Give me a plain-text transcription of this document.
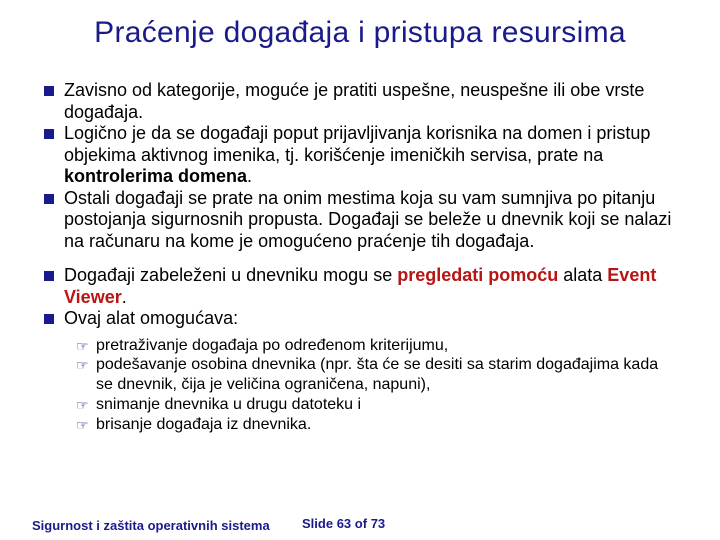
Praćenje događaja i pristupa resursima

Zavisno od kategorije, moguće je pratiti uspešne, neuspešne ili obe vrste događaja.

Logično je da se događaji poput prijavljivanja korisnika na domen i pristup objekima aktivnog imenika, tj. korišćenje imeničkih servisa, prate na kontrolerima domena.

Ostali događaji se prate na onim mestima koja su vam sumnjiva po pitanju postojanja sigurnosnih propusta. Događaji se beleže u dnevnik koji se nalazi na računaru na kome je omogućeno praćenje tih događaja.

Događaji zabeleženi u dnevniku mogu se pregledati pomoću alata Event Viewer.

Ovaj alat omogućava:

☞ pretraživanje događaja po određenom kriterijumu,

☞ podešavanje osobina dnevnika (npr. šta će se desiti sa starim događajima kada se dnevnik, čija je veličina ograničena, napuni),

☞ snimanje dnevnika u drugu datoteku i

☞ brisanje događaja iz dnevnika.

Sigurnost i zaštita operativnih sistema Slide 63 of 73
